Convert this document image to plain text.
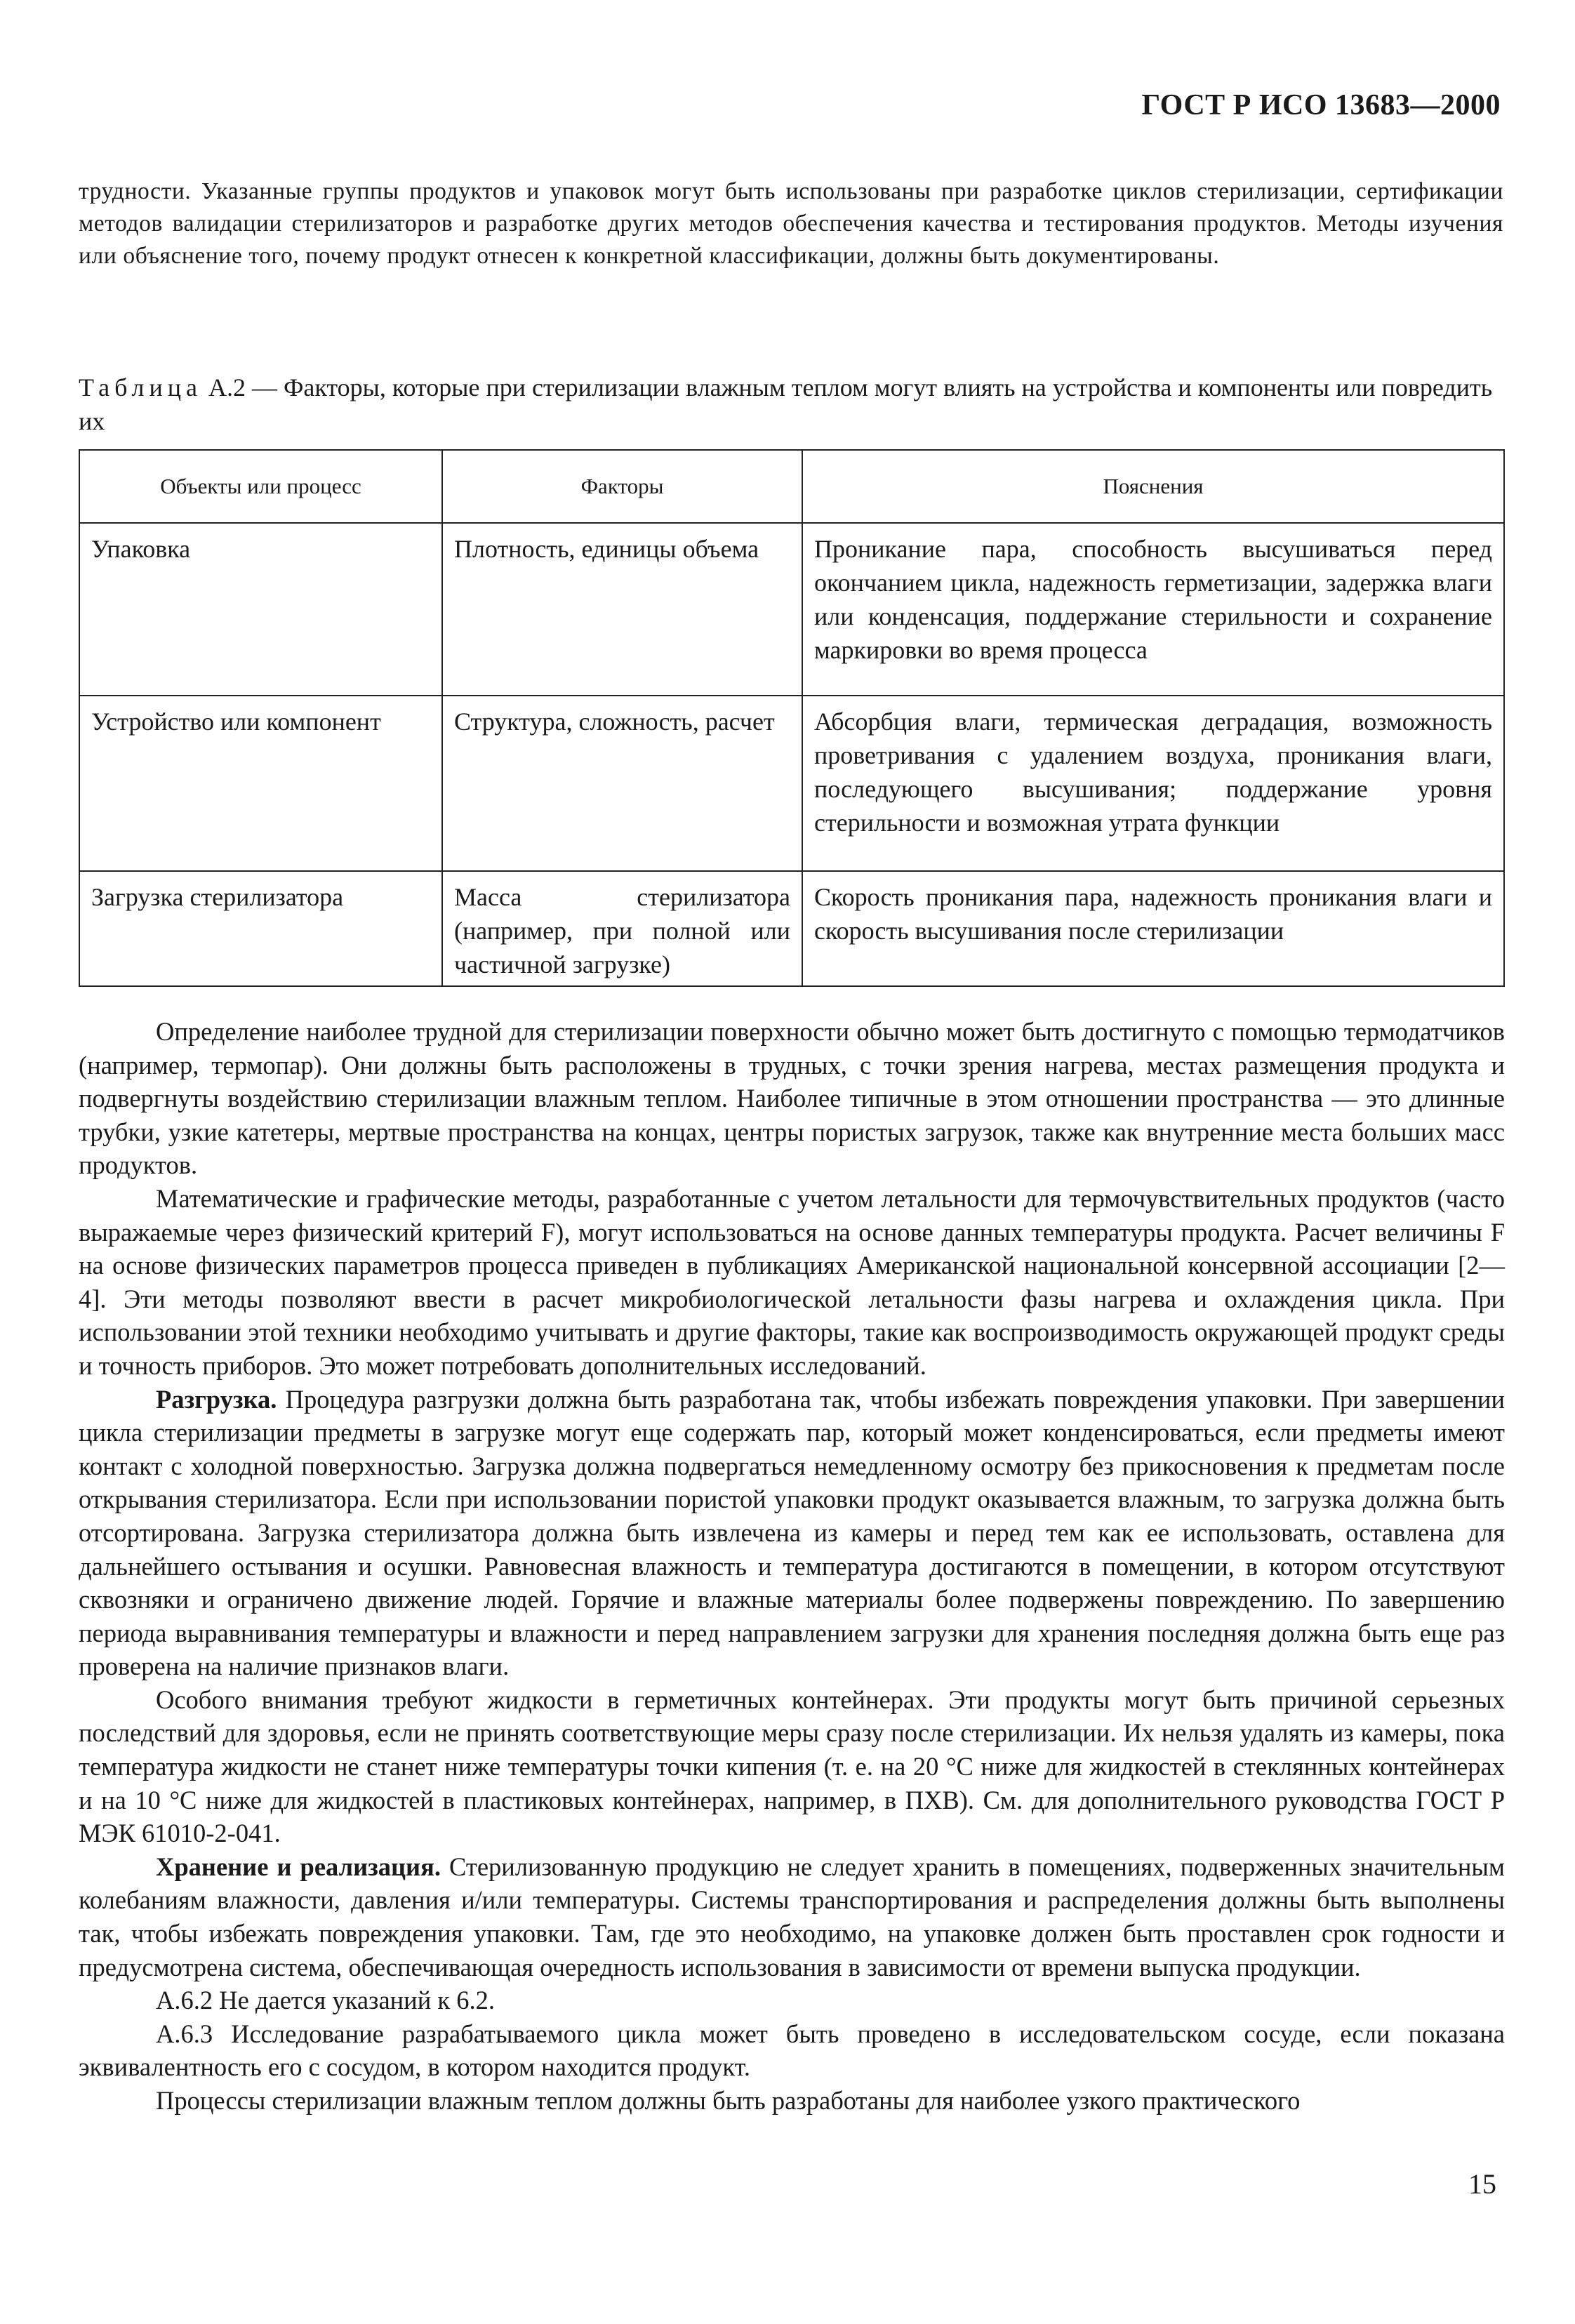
ГОСТ Р ИСО 13683—2000
трудности. Указанные группы продуктов и упаковок могут быть использованы при разработке циклов стерилизации, сертификации методов валидации стерилизаторов и разработке других методов обеспечения качества и тестирования продуктов. Методы изучения или объяснение того, почему продукт отнесен к конкретной классификации, должны быть документированы.
Таблица А.2 — Факторы, которые при стерилизации влажным теплом могут влиять на устройства и компоненты или повредить их
Объекты или процесс	Факторы	Пояснения
Упаковка	Плотность, единицы объема	Проникание пара, способность высушиваться перед окончанием цикла, надежность герметизации, задержка влаги или конденсация, поддержание стерильности и сохранение маркировки во время процесса
Устройство или компонент	Структура, сложность, расчет	Абсорбция влаги, термическая деградация, возможность проветривания с удалением воздуха, проникания влаги, последующего высушивания; поддержание уровня стерильности и возможная утрата функции
Загрузка стерилизатора	Масса стерилизатора (например, при полной или частичной загрузке)	Скорость проникания пара, надежность проникания влаги и скорость высушивания после стерилизации

Определение наиболее трудной для стерилизации поверхности обычно может быть достигнуто с помощью термодатчиков (например, термопар). Они должны быть расположены в трудных, с точки зрения нагрева, местах размещения продукта и подвергнуты воздействию стерилизации влажным теплом. Наиболее типичные в этом отношении пространства — это длинные трубки, узкие катетеры, мертвые пространства на концах, центры пористых загрузок, также как внутренние места больших масс продуктов.

Математические и графические методы, разработанные с учетом летальности для термочувствительных продуктов (часто выражаемые через физический критерий F), могут использоваться на основе данных температуры продукта. Расчет величины F на основе физических параметров процесса приведен в публикациях Американской национальной консервной ассоциации [2—4]. Эти методы позволяют ввести в расчет микробиологической летальности фазы нагрева и охлаждения цикла. При использовании этой техники необходимо учитывать и другие факторы, такие как воспроизводимость окружающей продукт среды и точность приборов. Это может потребовать дополнительных исследований.

Разгрузка. Процедура разгрузки должна быть разработана так, чтобы избежать повреждения упаковки. При завершении цикла стерилизации предметы в загрузке могут еще содержать пар, который может конденсироваться, если предметы имеют контакт с холодной поверхностью. Загрузка должна подвергаться немедленному осмотру без прикосновения к предметам после открывания стерилизатора. Если при использовании пористой упаковки продукт оказывается влажным, то загрузка должна быть отсортирована. Загрузка стерилизатора должна быть извлечена из камеры и перед тем как ее использовать, оставлена для дальнейшего остывания и осушки. Равновесная влажность и температура достигаются в помещении, в котором отсутствуют сквозняки и ограничено движение людей. Горячие и влажные материалы более подвержены повреждению. По завершению периода выравнивания температуры и влажности и перед направлением загрузки для хранения последняя должна быть еще раз проверена на наличие признаков влаги.

Особого внимания требуют жидкости в герметичных контейнерах. Эти продукты могут быть причиной серьезных последствий для здоровья, если не принять соответствующие меры сразу после стерилизации. Их нельзя удалять из камеры, пока температура жидкости не станет ниже температуры точки кипения (т. е. на 20 °С ниже для жидкостей в стеклянных контейнерах и на 10 °С ниже для жидкостей в пластиковых контейнерах, например, в ПХВ). См. для дополнительного руководства ГОСТ Р МЭК 61010-2-041.

Хранение и реализация. Стерилизованную продукцию не следует хранить в помещениях, подверженных значительным колебаниям влажности, давления и/или температуры. Системы транспортирования и распределения должны быть выполнены так, чтобы избежать повреждения упаковки. Там, где это необходимо, на упаковке должен быть проставлен срок годности и предусмотрена система, обеспечивающая очередность использования в зависимости от времени выпуска продукции.

А.6.2 Не дается указаний к 6.2.

А.6.3 Исследование разрабатываемого цикла может быть проведено в исследовательском сосуде, если показана эквивалентность его с сосудом, в котором находится продукт.

Процессы стерилизации влажным теплом должны быть разработаны для наиболее узкого практического

15
